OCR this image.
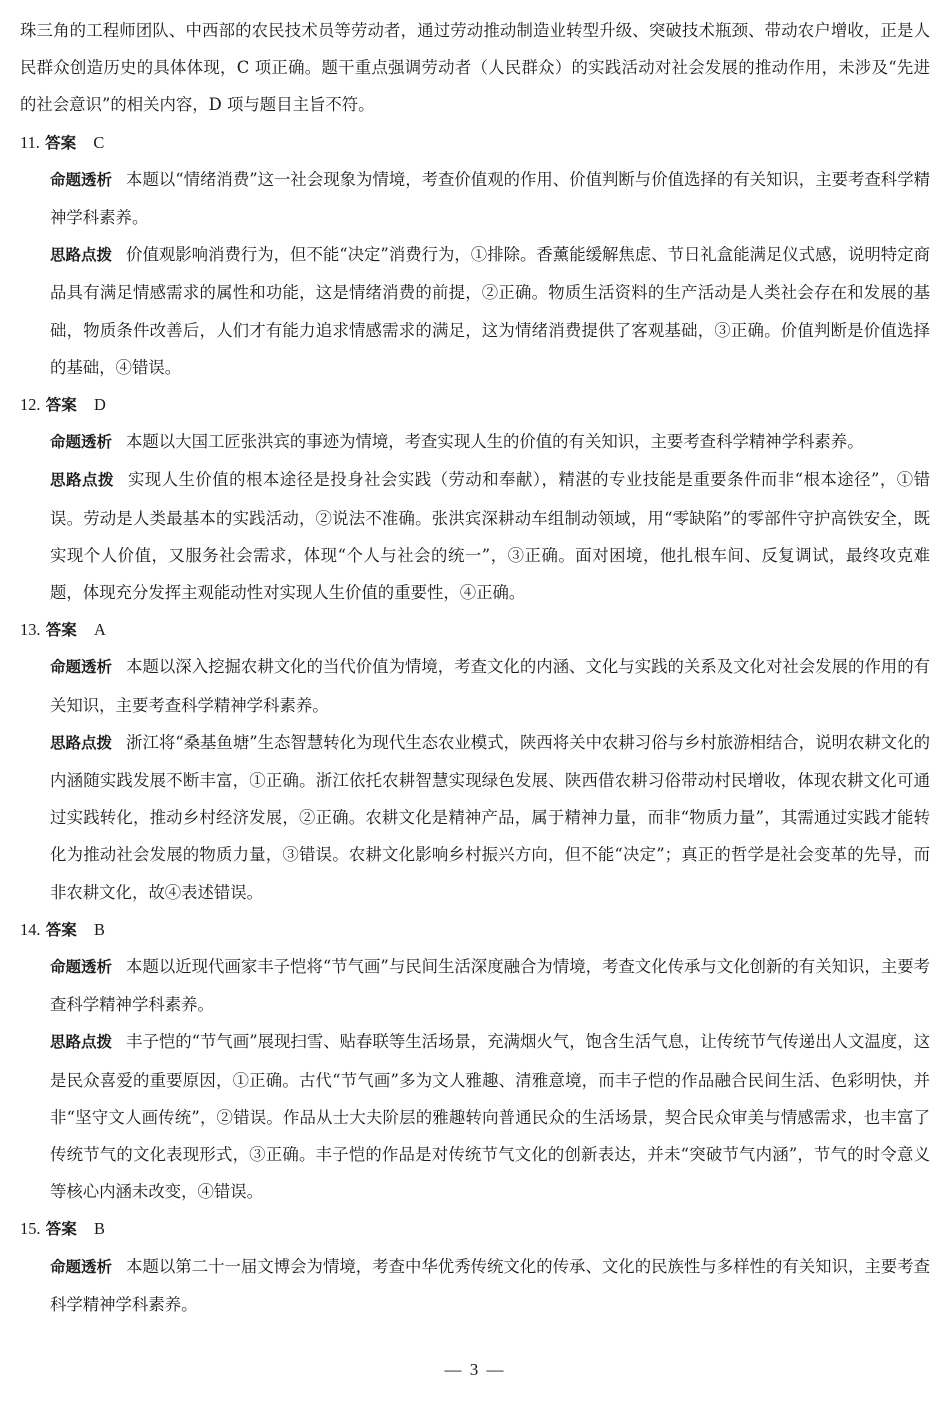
珠三角的工程师团队、中西部的农民技术员等劳动者，通过劳动推动制造业转型升级、突破技术瓶颈、带动农户增收，正是人民群众创造历史的具体体现，C 项正确。题干重点强调劳动者（人民群众）的实践活动对社会发展的推动作用，未涉及“先进的社会意识”的相关内容，D 项与题目主旨不符。

11. 答案 C

命题透析 本题以“情绪消费”这一社会现象为情境，考查价值观的作用、价值判断与价值选择的有关知识，主要考查科学精神学科素养。

思路点拨 价值观影响消费行为，但不能“决定”消费行为，①排除。香薰能缓解焦虑、节日礼盒能满足仪式感，说明特定商品具有满足情感需求的属性和功能，这是情绪消费的前提，②正确。物质生活资料的生产活动是人类社会存在和发展的基础，物质条件改善后，人们才有能力追求情感需求的满足，这为情绪消费提供了客观基础，③正确。价值判断是价值选择的基础，④错误。

12. 答案 D

命题透析 本题以大国工匠张洪宾的事迹为情境，考查实现人生的价值的有关知识，主要考查科学精神学科素养。

思路点拨 实现人生价值的根本途径是投身社会实践（劳动和奉献），精湛的专业技能是重要条件而非“根本途径”，①错误。劳动是人类最基本的实践活动，②说法不准确。张洪宾深耕动车组制动领域，用“零缺陷”的零部件守护高铁安全，既实现个人价值，又服务社会需求，体现“个人与社会的统一”，③正确。面对困境，他扎根车间、反复调试，最终攻克难题，体现充分发挥主观能动性对实现人生价值的重要性，④正确。

13. 答案 A

命题透析 本题以深入挖掘农耕文化的当代价值为情境，考查文化的内涵、文化与实践的关系及文化对社会发展的作用的有关知识，主要考查科学精神学科素养。

思路点拨 浙江将“桑基鱼塘”生态智慧转化为现代生态农业模式，陕西将关中农耕习俗与乡村旅游相结合，说明农耕文化的内涵随实践发展不断丰富，①正确。浙江依托农耕智慧实现绿色发展、陕西借农耕习俗带动村民增收，体现农耕文化可通过实践转化，推动乡村经济发展，②正确。农耕文化是精神产品，属于精神力量，而非“物质力量”，其需通过实践才能转化为推动社会发展的物质力量，③错误。农耕文化影响乡村振兴方向，但不能“决定”；真正的哲学是社会变革的先导，而非农耕文化，故④表述错误。

14. 答案 B

命题透析 本题以近现代画家丰子恺将“节气画”与民间生活深度融合为情境，考查文化传承与文化创新的有关知识，主要考查科学精神学科素养。

思路点拨 丰子恺的“节气画”展现扫雪、贴春联等生活场景，充满烟火气，饱含生活气息，让传统节气传递出人文温度，这是民众喜爱的重要原因，①正确。古代“节气画”多为文人雅趣、清雅意境，而丰子恺的作品融合民间生活、色彩明快，并非“坚守文人画传统”，②错误。作品从士大夫阶层的雅趣转向普通民众的生活场景，契合民众审美与情感需求，也丰富了传统节气的文化表现形式，③正确。丰子恺的作品是对传统节气文化的创新表达，并未“突破节气内涵”，节气的时令意义等核心内涵未改变，④错误。

15. 答案 B

命题透析 本题以第二十一届文博会为情境，考查中华优秀传统文化的传承、文化的民族性与多样性的有关知识，主要考查科学精神学科素养。

— 3 —
